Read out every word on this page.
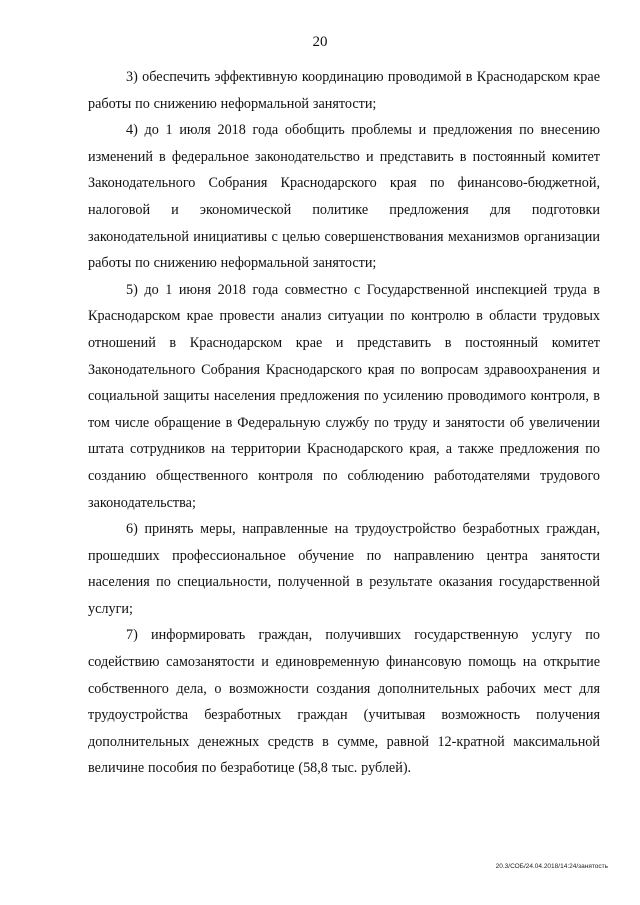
20

3) обеспечить эффективную координацию проводимой в Краснодарском крае работы по снижению неформальной занятости;

4) до 1 июля 2018 года обобщить проблемы и предложения по внесению изменений в федеральное законодательство и представить в постоянный комитет Законодательного Собрания Краснодарского края по финансово-бюджетной, налоговой и экономической политике предложения для подготовки законодательной инициативы с целью совершенствования механизмов организации работы по снижению неформальной занятости;

5) до 1 июня 2018 года совместно с Государственной инспекцией труда в Краснодарском крае провести анализ ситуации по контролю в области трудовых отношений в Краснодарском крае и представить в постоянный комитет Законодательного Собрания Краснодарского края по вопросам здравоохранения и социальной защиты населения предложения по усилению проводимого контроля, в том числе обращение в Федеральную службу по труду и занятости об увеличении штата сотрудников на территории Краснодарского края, а также предложения по созданию общественного контроля по соблюдению работодателями трудового законодательства;

6) принять меры, направленные на трудоустройство безработных граждан, прошедших профессиональное обучение по направлению центра занятости населения по специальности, полученной в результате оказания государственной услуги;

7) информировать граждан, получивших государственную услугу по содействию самозанятости и единовременную финансовую помощь на открытие собственного дела, о возможности создания дополнительных рабочих мест для трудоустройства безработных граждан (учитывая возможность получения дополнительных денежных средств в сумме, равной 12-кратной максимальной величине пособия по безработице (58,8 тыс. рублей).

20.3/СОБ/24.04.2018/14:24/занятость
